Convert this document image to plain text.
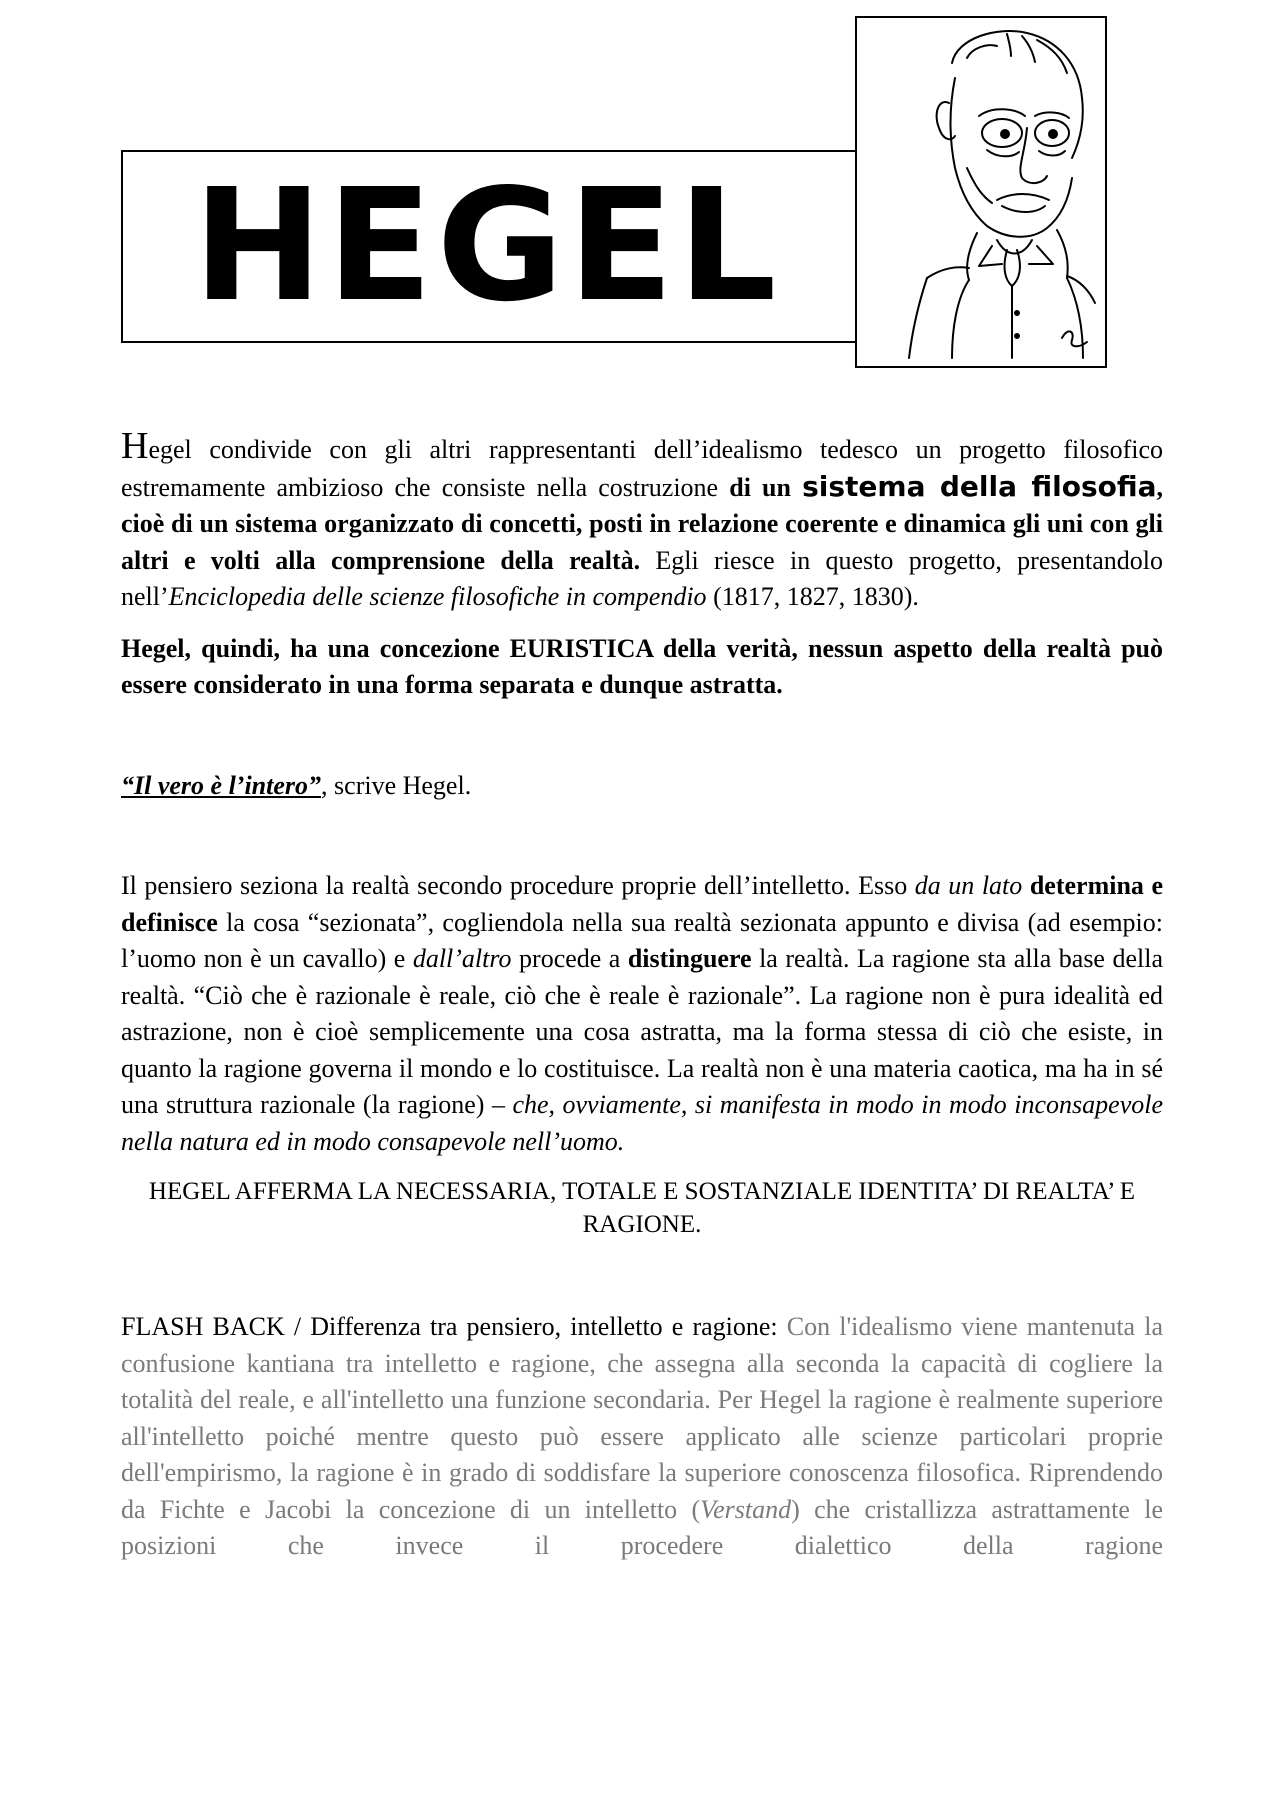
HEGEL

Hegel condivide con gli altri rappresentanti dell’idealismo tedesco un progetto filosofico estremamente ambizioso che consiste nella costruzione di un sistema della filosofia, cioè di un sistema organizzato di concetti, posti in relazione coerente e dinamica gli uni con gli altri e volti alla comprensione della realtà. Egli riesce in questo progetto, presentandolo nell’Enciclopedia delle scienze filosofiche in compendio (1817, 1827, 1830).

Hegel, quindi, ha una concezione EURISTICA della verità, nessun aspetto della realtà può essere considerato in una forma separata e dunque astratta.

“Il vero è l’intero”, scrive Hegel.

Il pensiero seziona la realtà secondo procedure proprie dell’intelletto. Esso da un lato determina e definisce la cosa “sezionata”, cogliendola nella sua realtà sezionata appunto e divisa (ad esempio: l’uomo non è un cavallo) e dall’altro procede a distinguere la realtà. La ragione sta alla base della realtà. “Ciò che è razionale è reale, ciò che è reale è razionale”. La ragione non è pura idealità ed astrazione, non è cioè semplicemente una cosa astratta, ma la forma stessa di ciò che esiste, in quanto la ragione governa il mondo e lo costituisce. La realtà non è una materia caotica, ma ha in sé una struttura razionale (la ragione) – che, ovviamente, si manifesta in modo in modo inconsapevole nella natura ed in modo consapevole nell’uomo.

HEGEL AFFERMA LA NECESSARIA, TOTALE E SOSTANZIALE IDENTITA’ DI REALTA’ E RAGIONE.

FLASH BACK / Differenza tra pensiero, intelletto e ragione: Con l'idealismo viene mantenuta la confusione kantiana tra intelletto e ragione, che assegna alla seconda la capacità di cogliere la totalità del reale, e all'intelletto una funzione secondaria. Per Hegel la ragione è realmente superiore all'intelletto poiché mentre questo può essere applicato alle scienze particolari proprie dell'empirismo, la ragione è in grado di soddisfare la superiore conoscenza filosofica. Riprendendo da Fichte e Jacobi la concezione di un intelletto (Verstand) che cristallizza astrattamente le posizioni che invece il procedere dialettico della ragione
